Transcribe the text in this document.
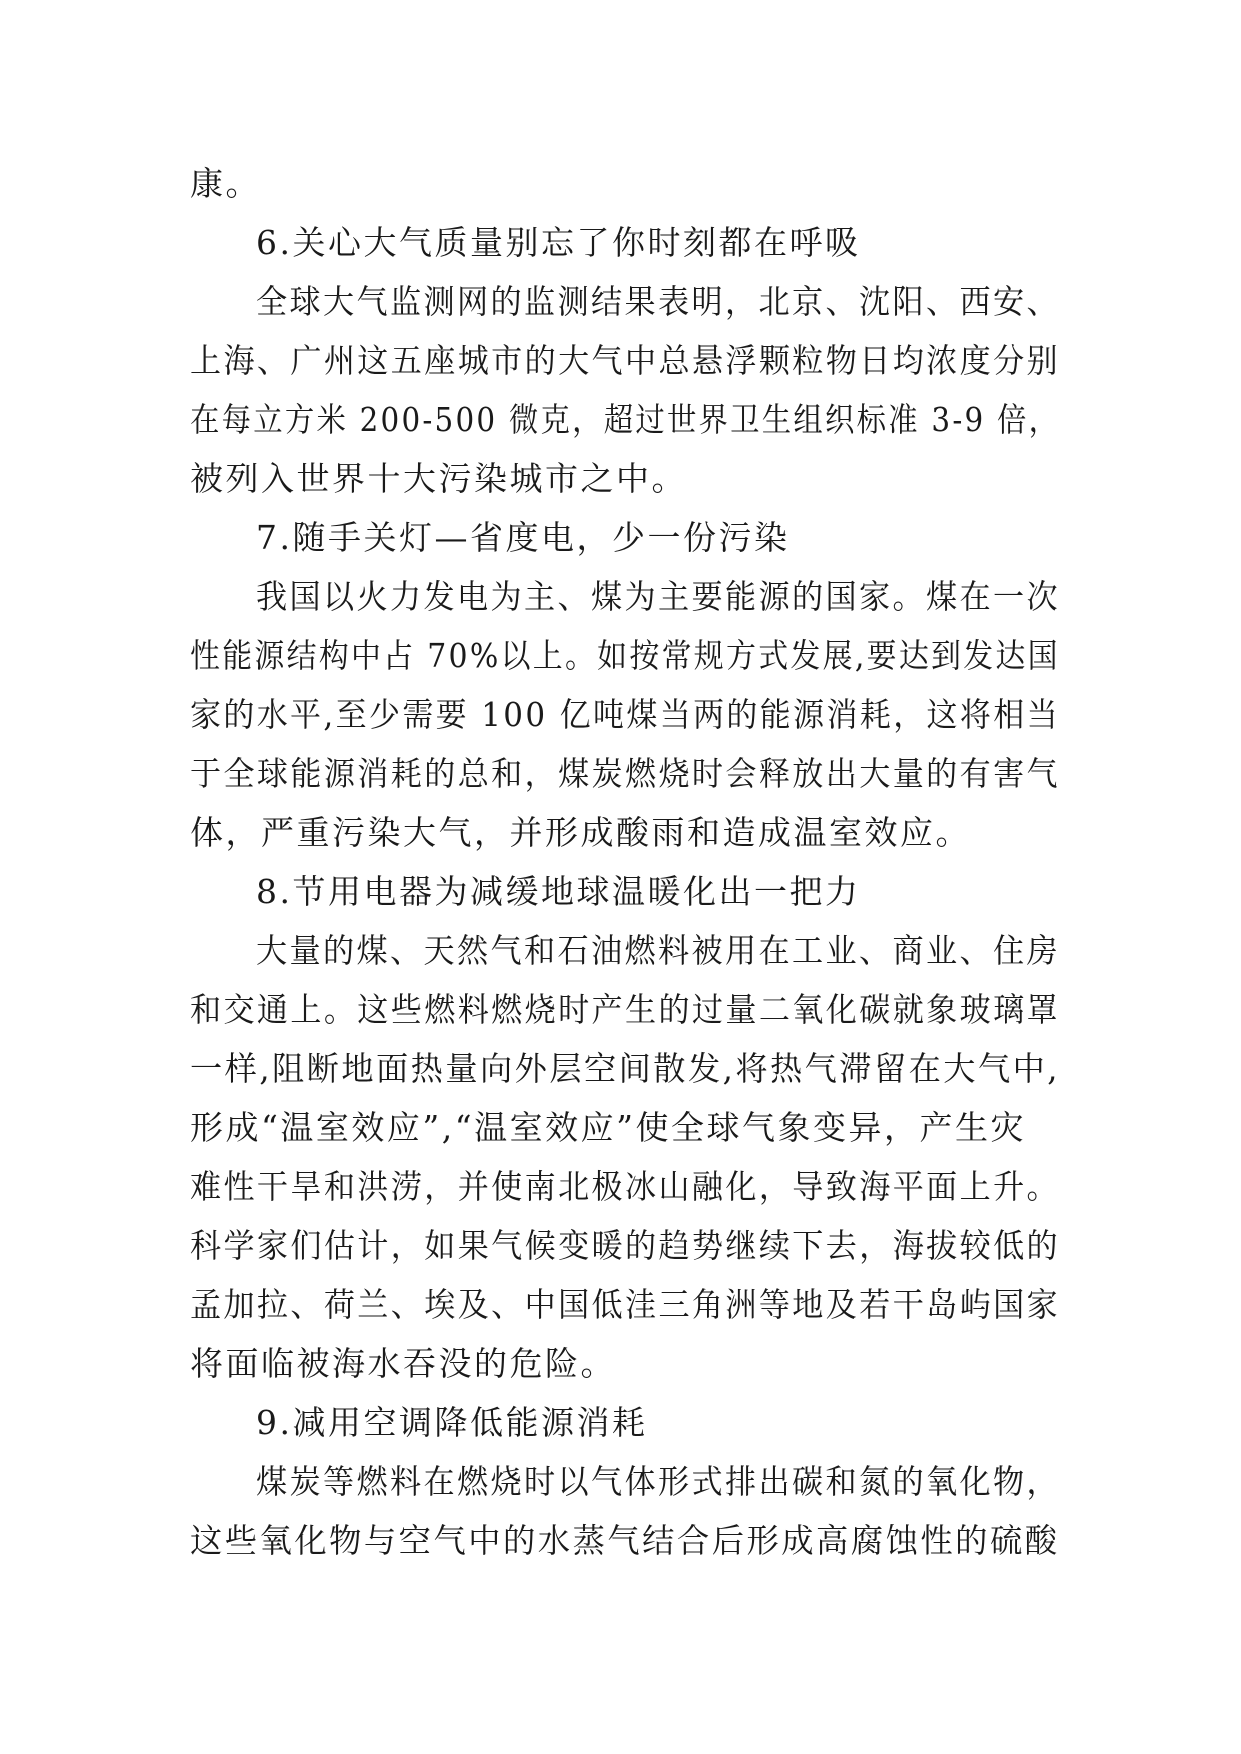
康。
6.关心大气质量别忘了你时刻都在呼吸
全球大气监测网的监测结果表明，北京、沈阳、西安、
上海、广州这五座城市的大气中总悬浮颗粒物日均浓度分别
在每立方米 200-500 微克，超过世界卫生组织标准 3-9 倍，
被列入世界十大污染城市之中。
7.随手关灯—省度电，少一份污染
我国以火力发电为主、煤为主要能源的国家。煤在一次
性能源结构中占 70%以上。如按常规方式发展,要达到发达国
家的水平,至少需要 100 亿吨煤当两的能源消耗，这将相当
于全球能源消耗的总和，煤炭燃烧时会释放出大量的有害气
体，严重污染大气，并形成酸雨和造成温室效应。
8.节用电器为减缓地球温暖化出一把力
大量的煤、天然气和石油燃料被用在工业、商业、住房
和交通上。这些燃料燃烧时产生的过量二氧化碳就象玻璃罩
一样,阻断地面热量向外层空间散发,将热气滞留在大气中,
形成“温室效应”,“温室效应”使全球气象变异，产生灾
难性干旱和洪涝，并使南北极冰山融化，导致海平面上升。
科学家们估计，如果气候变暖的趋势继续下去，海拔较低的
孟加拉、荷兰、埃及、中国低洼三角洲等地及若干岛屿国家
将面临被海水吞没的危险。
9.减用空调降低能源消耗
煤炭等燃料在燃烧时以气体形式排出碳和氮的氧化物，
这些氧化物与空气中的水蒸气结合后形成高腐蚀性的硫酸
